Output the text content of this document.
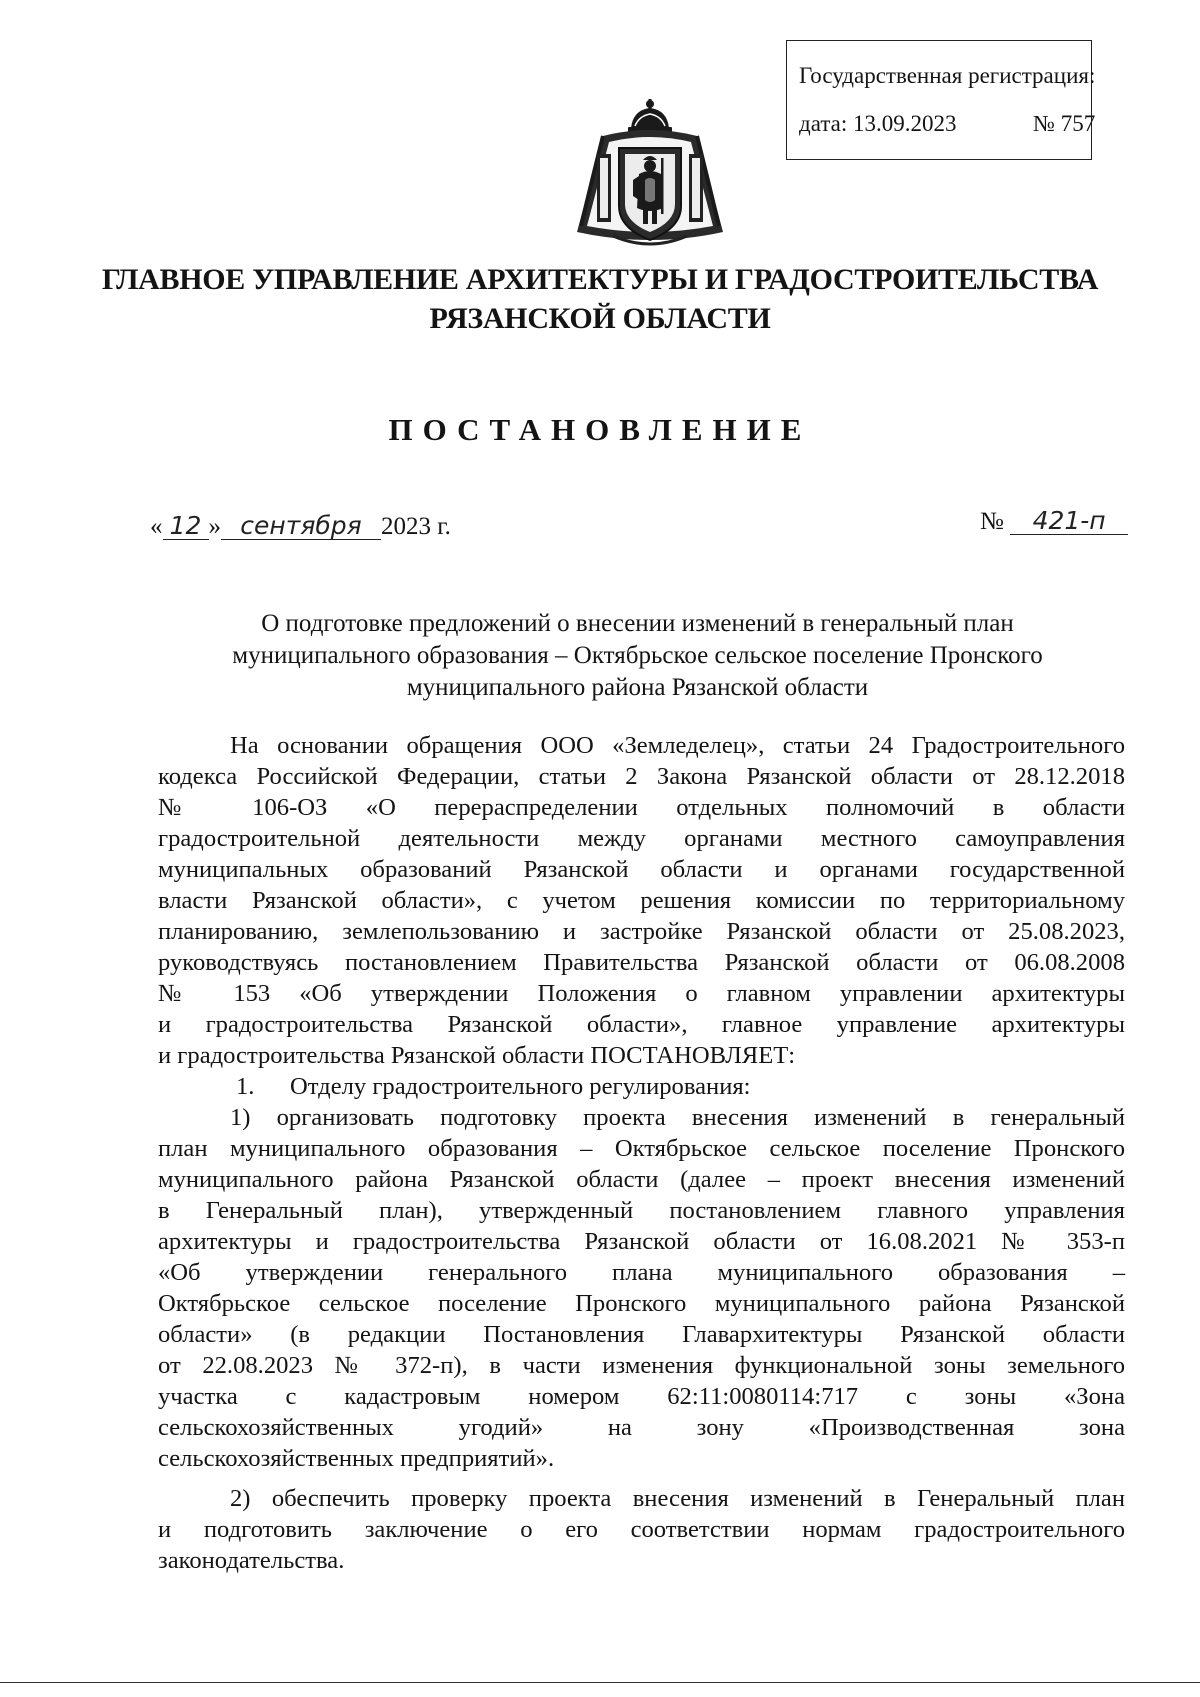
Государственная регистрация:
дата: 13.09.2023	№ 757
ГЛАВНОЕ УПРАВЛЕНИЕ АРХИТЕКТУРЫ И ГРАДОСТРОИТЕЛЬСТВА
РЯЗАНСКОЙ ОБЛАСТИ
ПОСТАНОВЛЕНИЕ
« 12 » сентября 2023 г.	№ 421-п
О подготовке предложений о внесении изменений в генеральный план
муниципального образования – Октябрьское сельское поселение Пронского
муниципального района Рязанской области
На основании обращения ООО «Земледелец», статьи 24 Градостроительного
кодекса Российской Федерации, статьи 2 Закона Рязанской области от 28.12.2018
№ 106-ОЗ «О перераспределении отдельных полномочий в области
градостроительной деятельности между органами местного самоуправления
муниципальных образований Рязанской области и органами государственной
власти Рязанской области», с учетом решения комиссии по территориальному
планированию, землепользованию и застройке Рязанской области от 25.08.2023,
руководствуясь постановлением Правительства Рязанской области от 06.08.2008
№ 153 «Об утверждении Положения о главном управлении архитектуры
и градостроительства Рязанской области», главное управление архитектуры
и градостроительства Рязанской области ПОСТАНОВЛЯЕТ:
1. Отделу градостроительного регулирования:
1) организовать подготовку проекта внесения изменений в генеральный
план муниципального образования – Октябрьское сельское поселение Пронского
муниципального района Рязанской области (далее – проект внесения изменений
в Генеральный план), утвержденный постановлением главного управления
архитектуры и градостроительства Рязанской области от 16.08.2021 № 353-п
«Об утверждении генерального плана муниципального образования –
Октябрьское сельское поселение Пронского муниципального района Рязанской
области» (в редакции Постановления Главархитектуры Рязанской области
от 22.08.2023 № 372-п), в части изменения функциональной зоны земельного
участка с кадастровым номером 62:11:0080114:717 с зоны «Зона
сельскохозяйственных угодий» на зону «Производственная зона
сельскохозяйственных предприятий».
2) обеспечить проверку проекта внесения изменений в Генеральный план
и подготовить заключение о его соответствии нормам градостроительного
законодательства.
